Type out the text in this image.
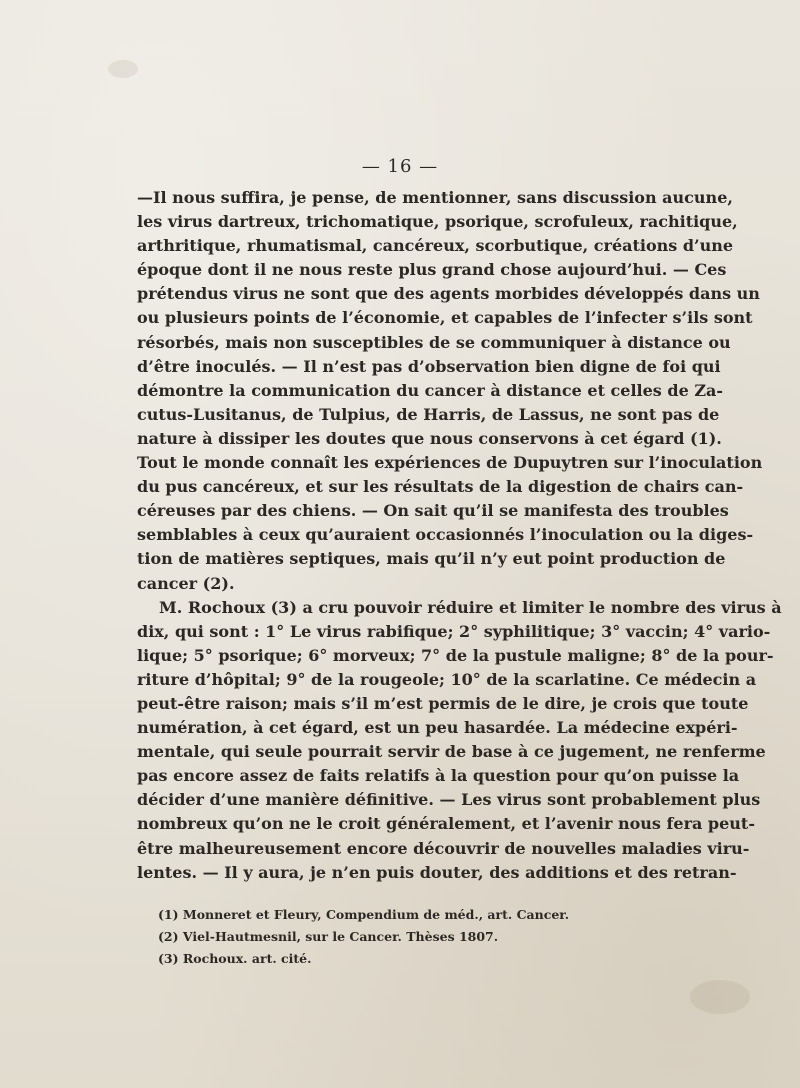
— 16 —
—Il nous suffira, je pense, de mentionner, sans discussion aucune,
les virus dartreux, trichomatique, psorique, scrofuleux, rachitique,
arthritique, rhumatismal, cancéreux, scorbutique, créations d’une
époque dont il ne nous reste plus grand chose aujourd’hui. — Ces
prétendus virus ne sont que des agents morbides développés dans un
ou plusieurs points de l’économie, et capables de l’infecter s’ils sont
résorbés, mais non susceptibles de se communiquer à distance ou
d’être inoculés. — Il n’est pas d’observation bien digne de foi qui
démontre la communication du cancer à distance et celles de Za-
cutus-Lusitanus, de Tulpius, de Harris, de Lassus, ne sont pas de
nature à dissiper les doutes que nous conservons à cet égard (1).
Tout le monde connaît les expériences de Dupuytren sur l’inoculation
du pus cancéreux, et sur les résultats de la digestion de chairs can-
céreuses par des chiens. — On sait qu’il se manifesta des troubles
semblables à ceux qu’auraient occasionnés l’inoculation ou la diges-
tion de matières septiques, mais qu’il n’y eut point production de
cancer (2).
M. Rochoux (3) a cru pouvoir réduire et limiter le nombre des virus à
dix, qui sont : 1° Le virus rabifique; 2° syphilitique; 3° vaccin; 4° vario-
lique; 5° psorique; 6° morveux; 7° de la pustule maligne; 8° de la pour-
riture d’hôpital; 9° de la rougeole; 10° de la scarlatine. Ce médecin a
peut-être raison; mais s’il m’est permis de le dire, je crois que toute
numération, à cet égard, est un peu hasardée. La médecine expéri-
mentale, qui seule pourrait servir de base à ce jugement, ne renferme
pas encore assez de faits relatifs à la question pour qu’on puisse la
décider d’une manière définitive. — Les virus sont probablement plus
nombreux qu’on ne le croit généralement, et l’avenir nous fera peut-
être malheureusement encore découvrir de nouvelles maladies viru-
lentes. — Il y aura, je n’en puis douter, des additions et des retran-
(1) Monneret et Fleury, Compendium de méd., art. Cancer.
(2) Viel-Hautmesnil, sur le Cancer. Thèses 1807.
(3) Rochoux. art. cité.
